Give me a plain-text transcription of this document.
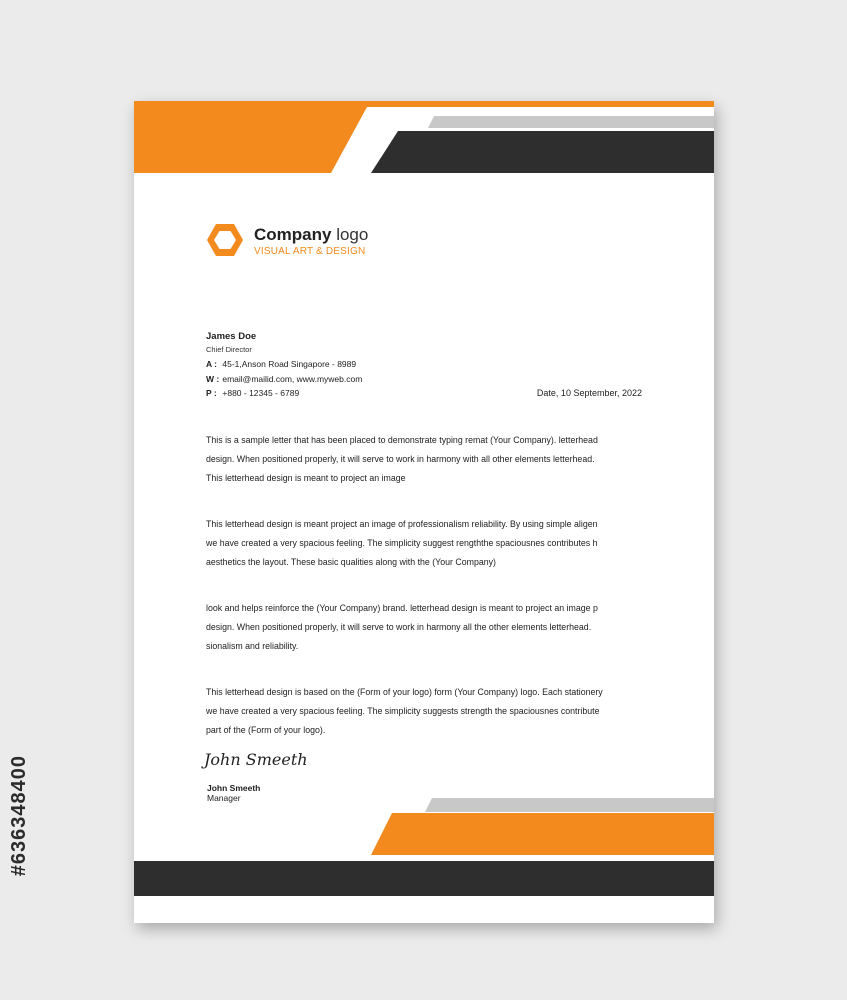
#636348400
Company logo
VISUAL ART & DESIGN
James Doe
Chief Director
A : 45-1,Anson Road Singapore - 8989
W : email@mailid.com, www.myweb.com
P : +880 - 12345 - 6789	Date, 10 September, 2022
This is a sample letter that has been placed to demonstrate typing remat (Your Company). letterhead
design. When positioned properly, it will serve to work in harmony with all other elements letterhead.
This letterhead design is meant to project an image
This letterhead design is meant project an image of professionalism reliability. By using simple aligen
we have created a very spacious feeling. The simplicity suggest rengththe spaciousnes contributes h
aesthetics the layout. These basic qualities along with the (Your Company)
look and helps reinforce the (Your Company) brand. letterhead design is meant to project an image p
design. When positioned properly, it will serve to work in harmony all the other elements letterhead.
sionalism and reliability.
This letterhead design is based on the (Form of your logo) form (Your Company) logo. Each stationery
we have created a very spacious feeling. The simplicity suggests strength the spaciousnes contribute
part of the (Form of your logo).
John Smeeth
John Smeeth
Manager
